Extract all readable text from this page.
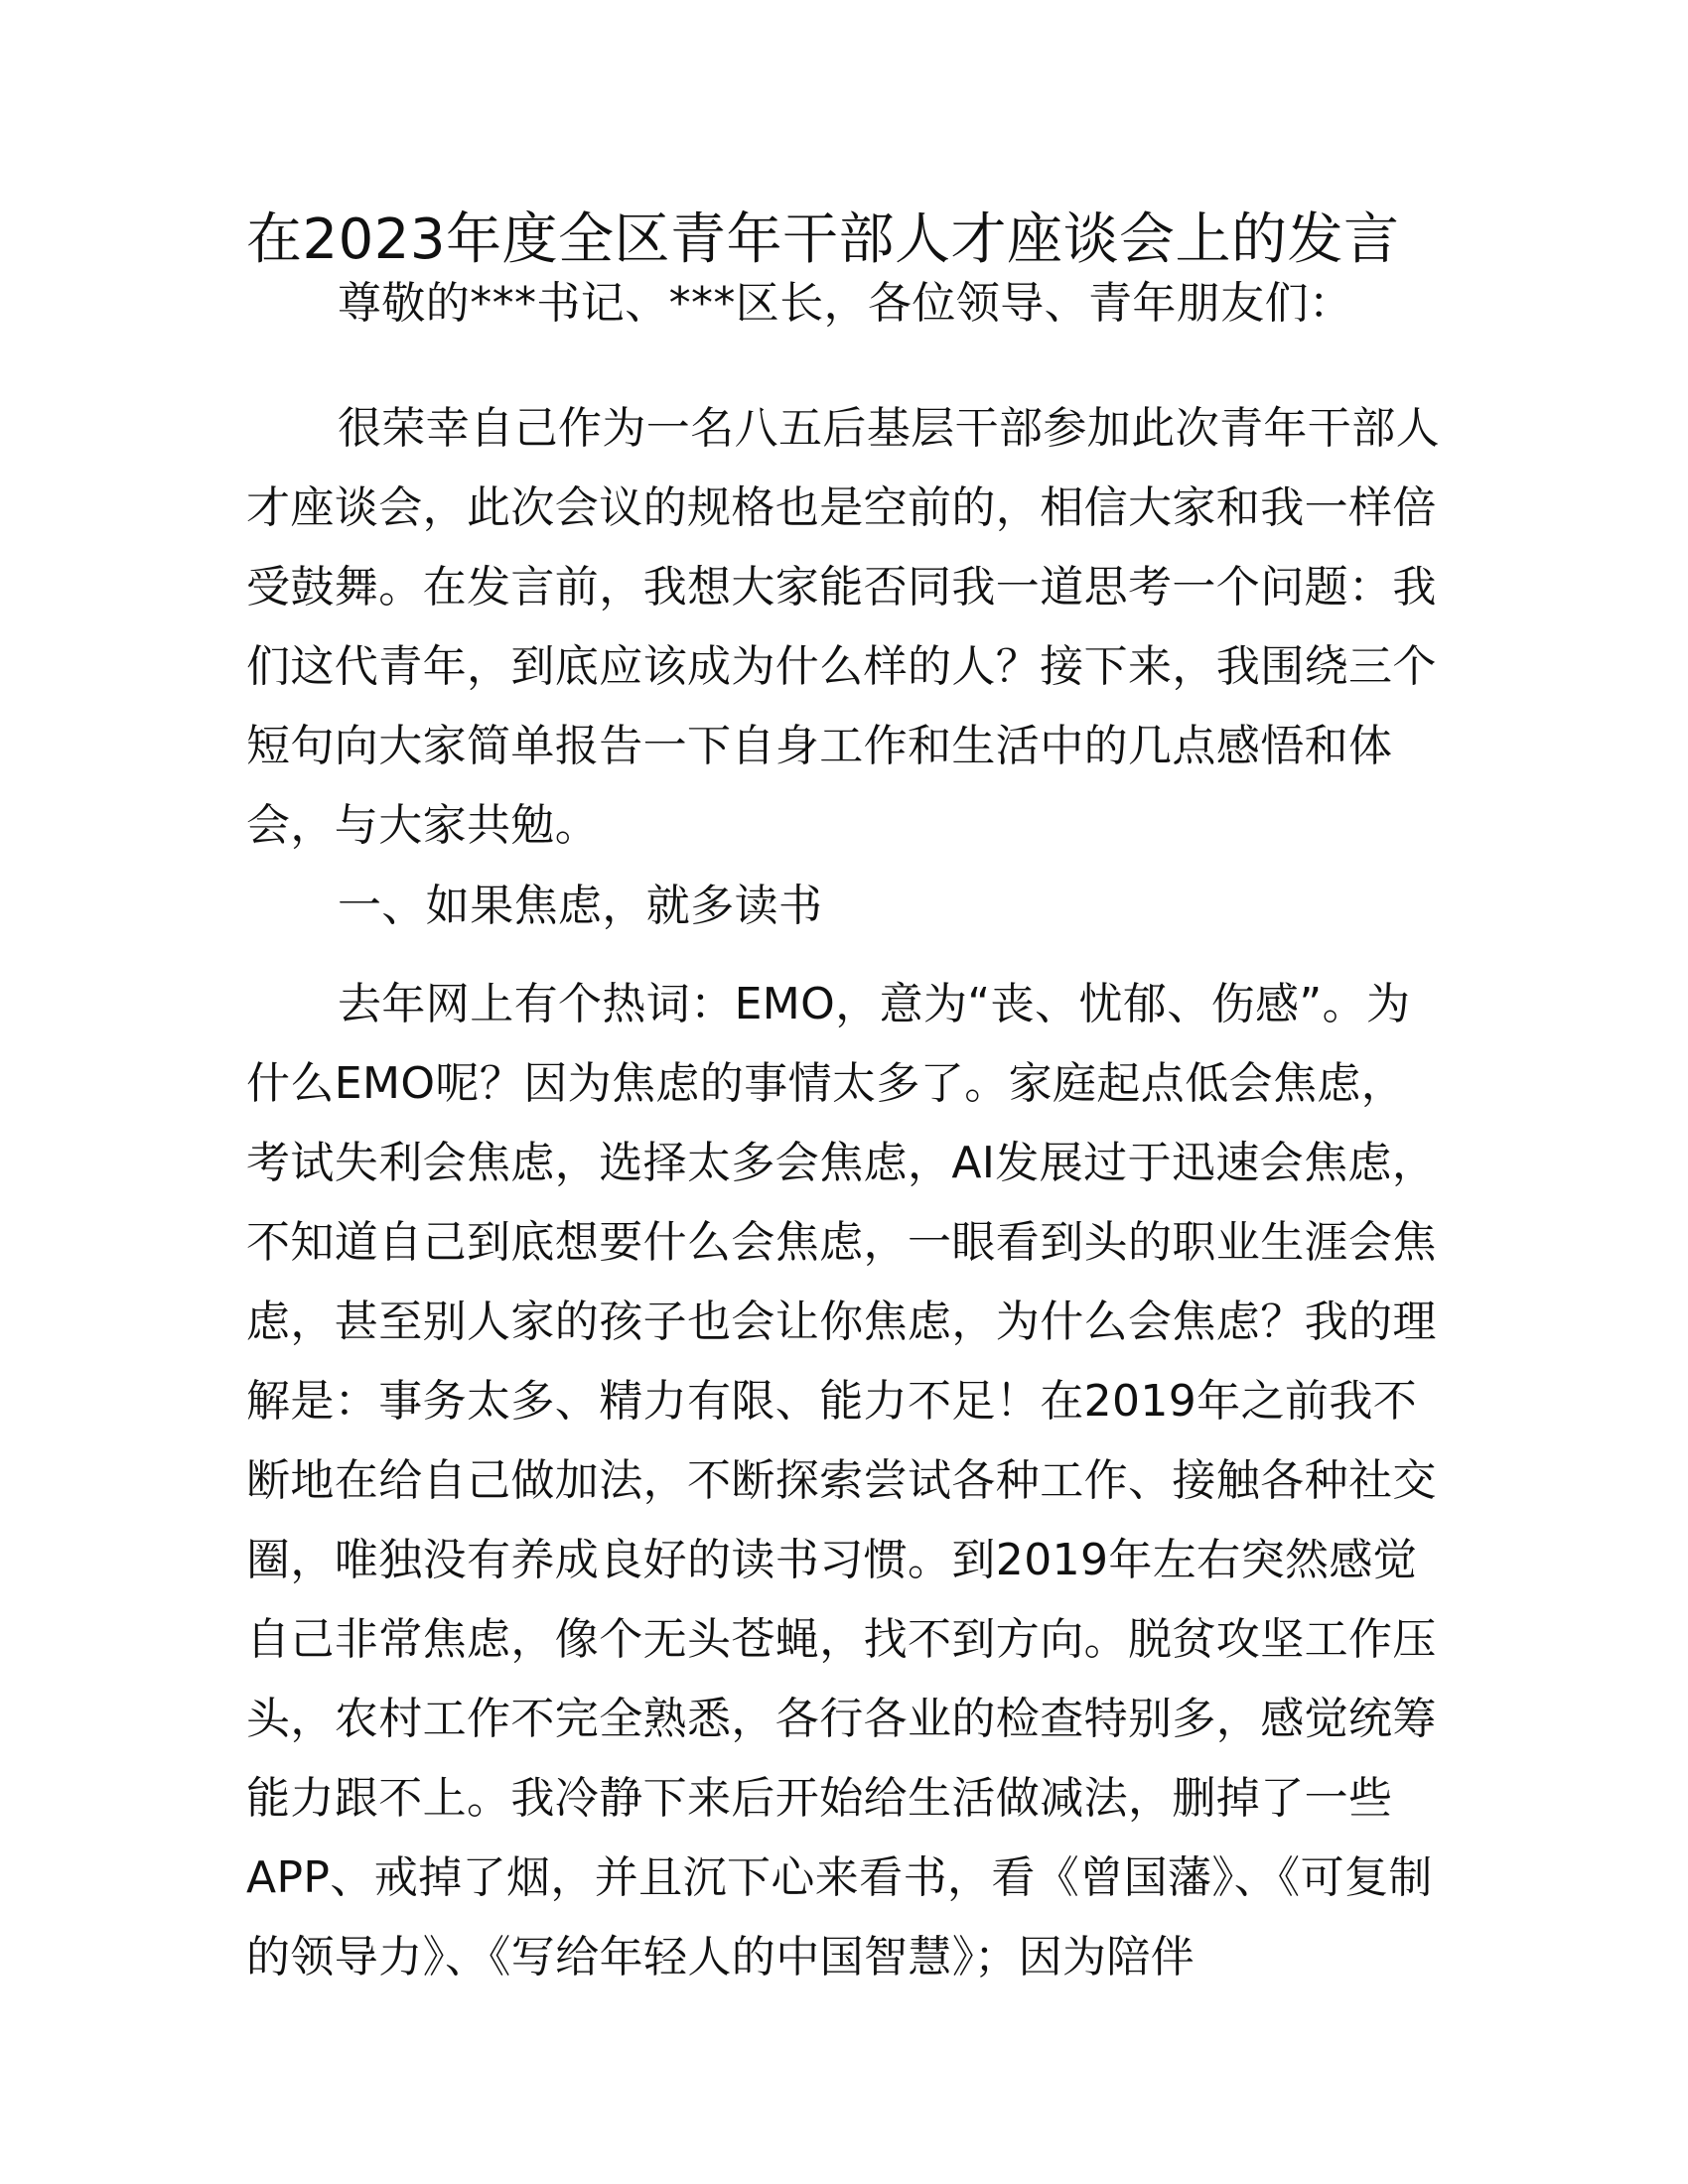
在2023年度全区青年干部人才座谈会上的发言

尊敬的***书记、***区长，各位领导、青年朋友们：

很荣幸自己作为一名八五后基层干部参加此次青年干部人才座谈会，此次会议的规格也是空前的，相信大家和我一样倍受鼓舞。在发言前，我想大家能否同我一道思考一个问题：我们这代青年，到底应该成为什么样的人？接下来，我围绕三个短句向大家简单报告一下自身工作和生活中的几点感悟和体会，与大家共勉。

一、如果焦虑，就多读书

去年网上有个热词：EMO，意为“丧、忧郁、伤感”。为什么EMO呢？因为焦虑的事情太多了。家庭起点低会焦虑，考试失利会焦虑，选择太多会焦虑，AI发展过于迅速会焦虑，不知道自己到底想要什么会焦虑，一眼看到头的职业生涯会焦虑，甚至别人家的孩子也会让你焦虑，为什么会焦虑？我的理解是：事务太多、精力有限、能力不足！在2019年之前我不断地在给自己做加法，不断探索尝试各种工作、接触各种社交圈，唯独没有养成良好的读书习惯。到2019年左右突然感觉自己非常焦虑，像个无头苍蝇，找不到方向。脱贫攻坚工作压头，农村工作不完全熟悉，各行各业的检查特别多，感觉统筹能力跟不上。我冷静下来后开始给生活做减法，删掉了一些APP、戒掉了烟，并且沉下心来看书，看《曾国藩》、《可复制的领导力》、《写给年轻人的中国智慧》；因为陪伴
